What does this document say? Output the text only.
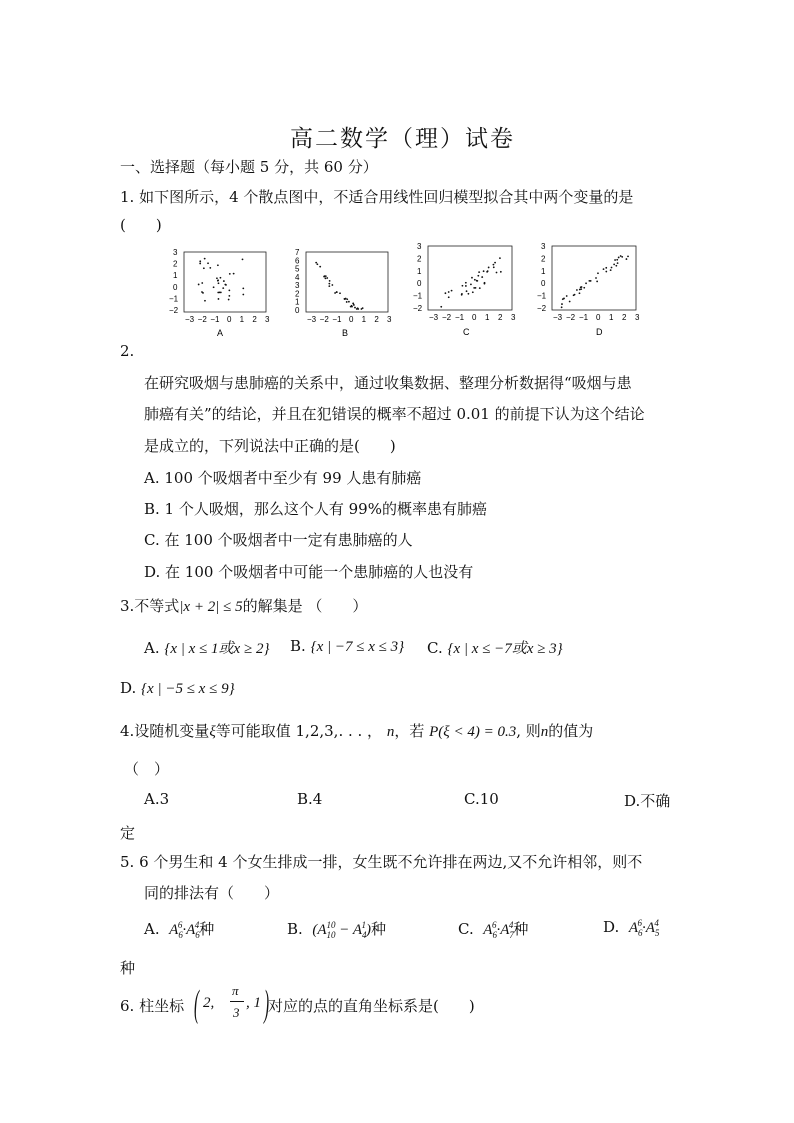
高二数学（理）试卷
一、选择题（每小题 5 分，共 60 分）
1. 如下图所示，4 个散点图中，不适合用线性回归模型拟合其中两个变量的是
(　　)
3
2
1
0
−1
−2
−3 −2 −1 0 1 2 3
A
7
6
5
4
3
2
1
0
−3 −2 −1 0 1 2 3
B
3
2
1
0
−1
−2
−3 −2 −1 0 1 2 3
C
3
2
1
0
−1
−2
−3 −2 −1 0 1 2 3
D
2.
在研究吸烟与患肺癌的关系中，通过收集数据、整理分析数据得“吸烟与患
肺癌有关”的结论，并且在犯错误的概率不超过 0.01 的前提下认为这个结论
是成立的，下列说法中正确的是(　　)
A. 100 个吸烟者中至少有 99 人患有肺癌
B. 1 个人吸烟，那么这个人有 99%的概率患有肺癌
C. 在 100 个吸烟者中一定有患肺癌的人
D. 在 100 个吸烟者中可能一个患肺癌的人也没有
3.不等式|x + 2| ≤ 5的解集是 （　　）
A. {x | x ≤ 1或x ≥ 2} B. {x | −7 ≤ x ≤ 3} C. {x | x ≤ −7或x ≥ 3}
D. {x | −5 ≤ x ≤ 9}
4.设随机变量ξ等可能取值 1,2,3,. . . ， n，若 P(ξ < 4) = 0.3, 则n的值为
（　）
A.3	B.4	C.10	D.不确
定
5. 6 个男生和 4 个女生排成一排，女生既不允许排在两边,又不允许相邻，则不
同的排法有（　　）
A. $A_6^6\cdot A_6^4$种	B. $(A_{10}^{10} - A_4^1)$种	C. $A_6^6\cdot A_7^4$种	D. $A_6^6\cdot A_5^4$
种
6. 柱坐标 ( 2,
π
3
, 1 )
对应的点的直角坐标系是(　　)
